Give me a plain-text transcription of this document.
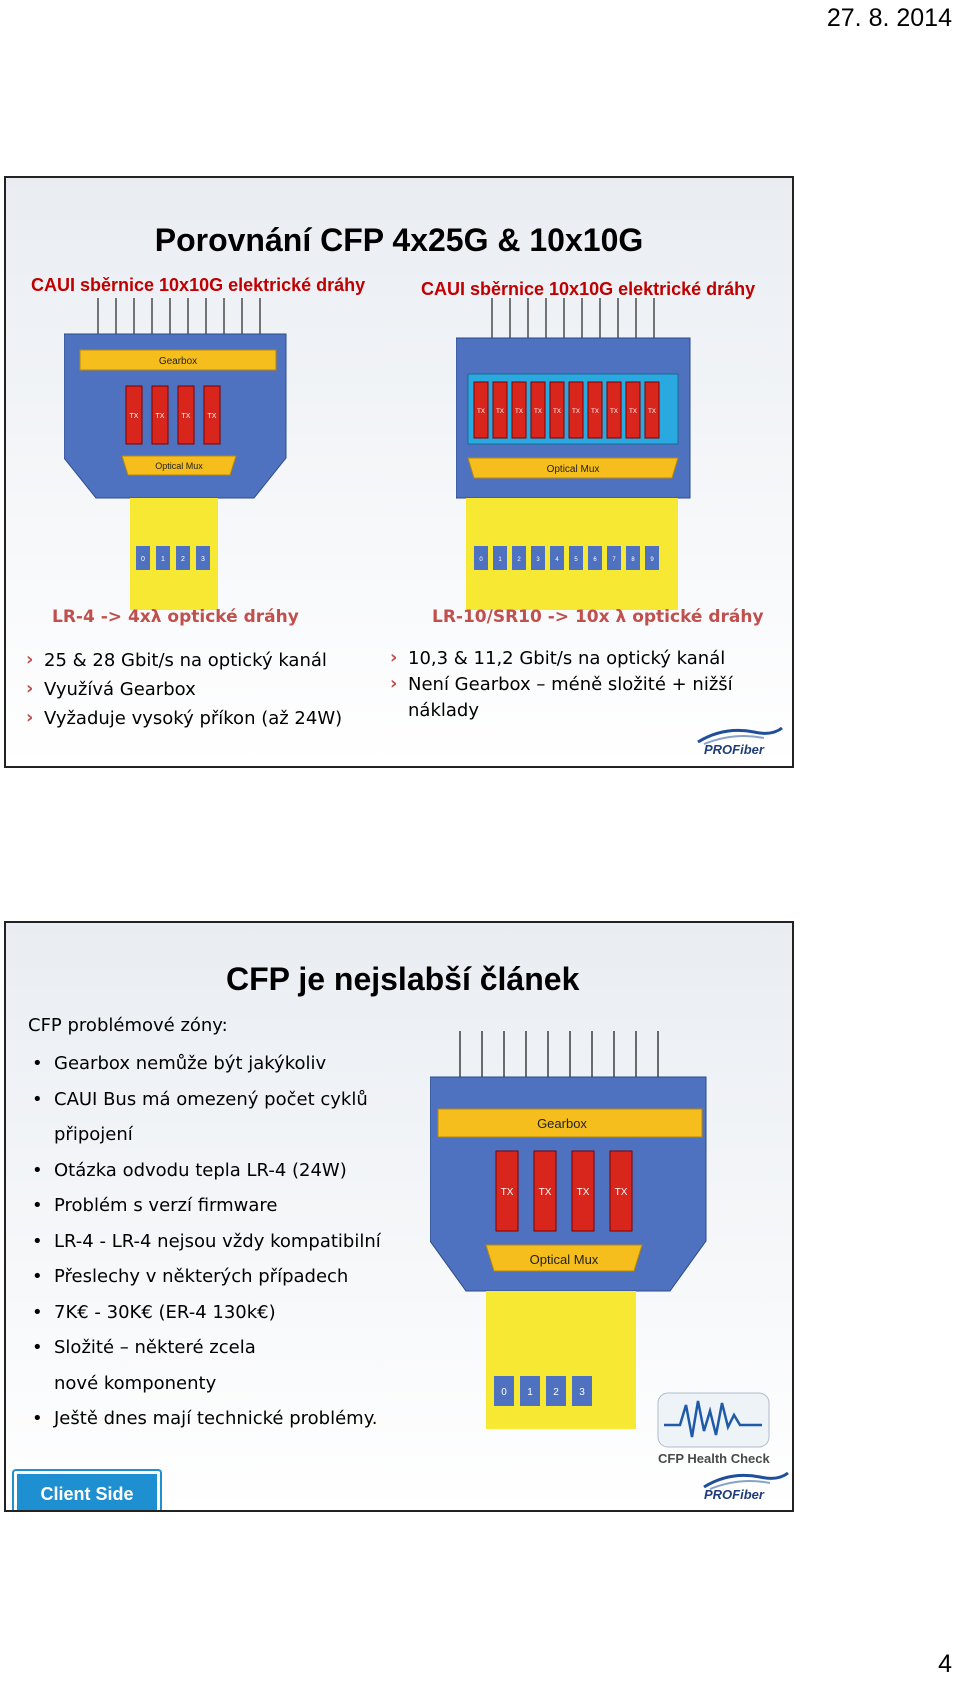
27. 8. 2014
Porovnání CFP 4x25G & 10x10G
CAUI sběrnice 10x10G elektrické dráhy	CAUI sběrnice 10x10G elektrické dráhy
Gearbox
TX TX TX TX
Optical Mux
0 1 2 3
TX TX TX TX TX TX TX TX TX TX
Optical Mux
0	1	2	3	4	5	6	7	8	9
LR-4 -> 4xλ optické dráhy	LR-10/SR10 -> 10x λ optické dráhy
› 25 & 28 Gbit/s na optický kanál
› Využívá Gearbox
› Vyžaduje vysoký příkon (až 24W)
› 10,3 & 11,2 Gbit/s na optický kanál
› Není Gearbox – méně složité + nižší náklady
PROFiber
CFP je nejslabší článek
CFP problémové zóny:
• Gearbox nemůže být jakýkoliv
• CAUI Bus má omezený počet cyklů připojení
• Otázka odvodu tepla LR-4 (24W)
• Problém s verzí firmware
• LR-4 - LR-4 nejsou vždy kompatibilní
• Přeslechy v některých případech
• 7K€ - 30K€ (ER-4 130k€)
• Složité – některé zcela nové komponenty
• Ještě dnes mají technické problémy.
Gearbox
TX	TX	TX	TX
Optical Mux
0 1 2 3
CFP Health Check
Client Side	PROFiber
4
